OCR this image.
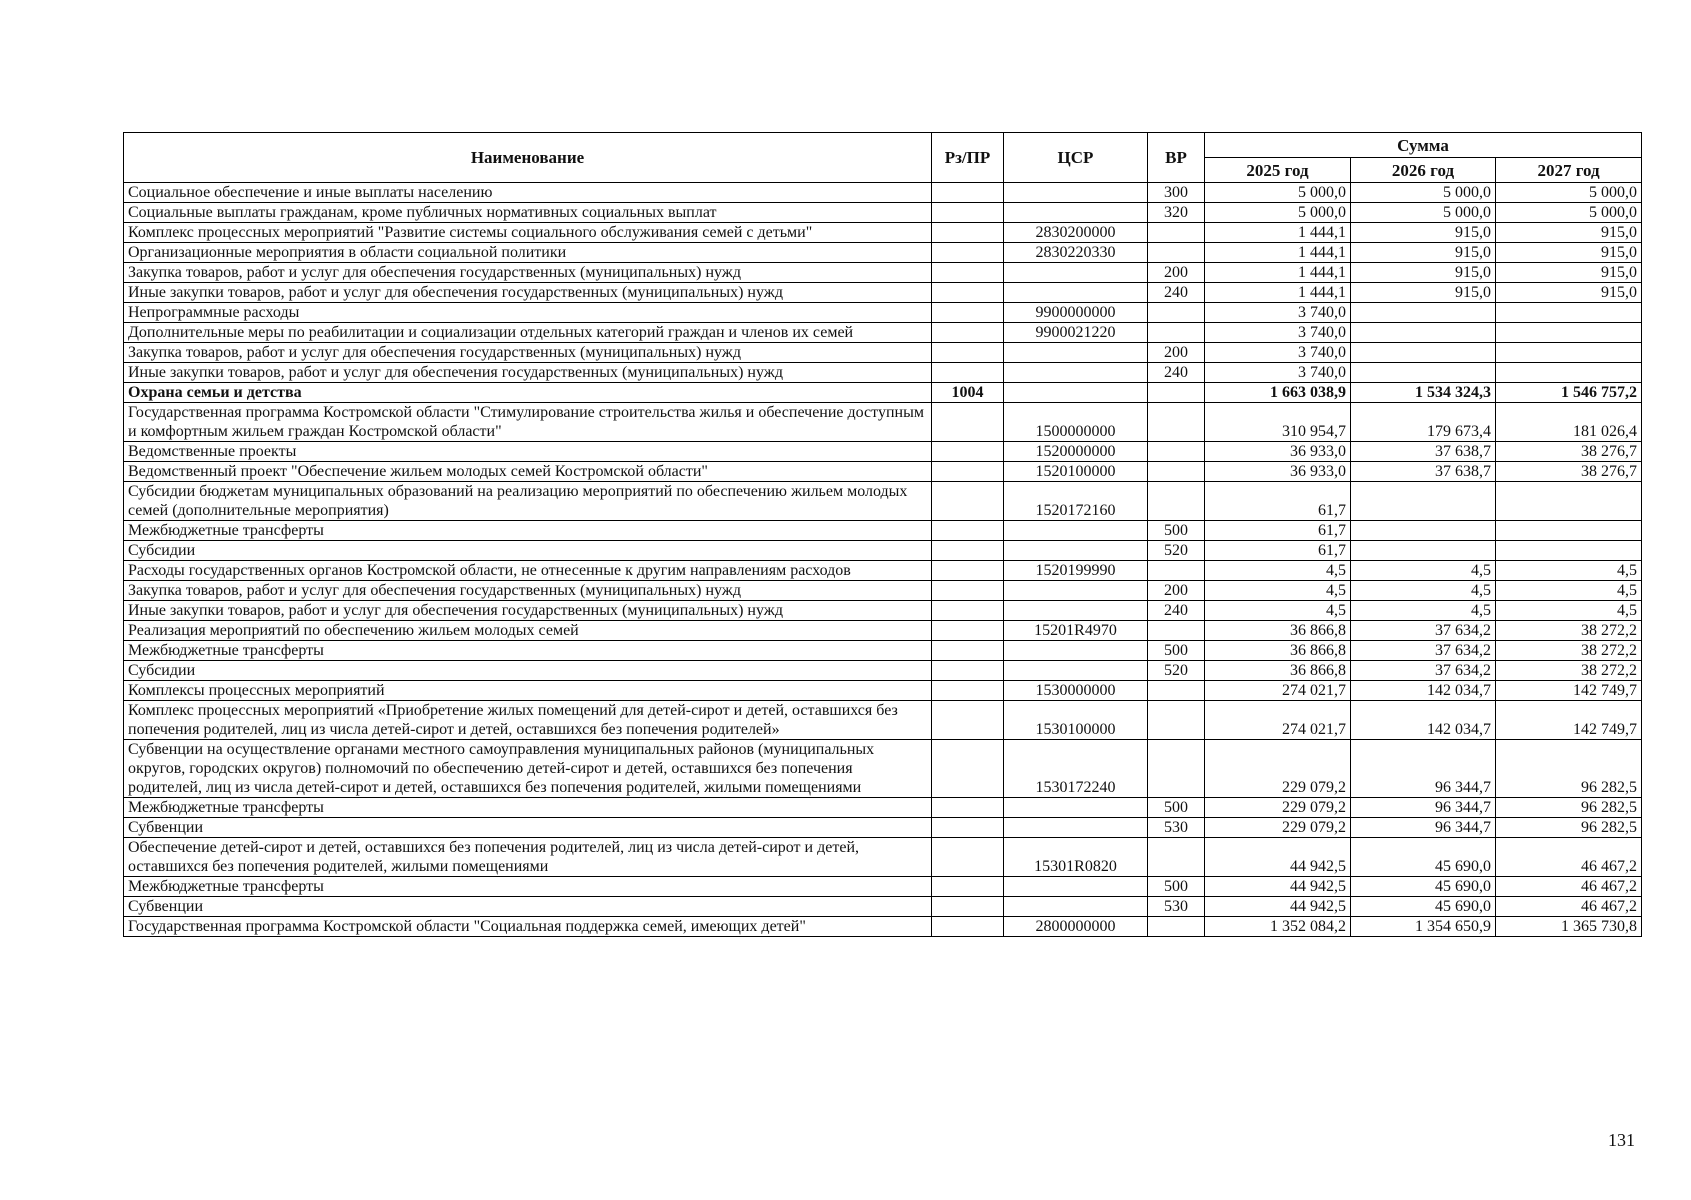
Наименование	Рз/ПР	ЦСР	ВР	Сумма		
				2025 год	2026 год	2027 год
Социальное обеспечение и иные выплаты населению			300	5 000,0	5 000,0	5 000,0
Социальные выплаты гражданам, кроме публичных нормативных социальных выплат			320	5 000,0	5 000,0	5 000,0
Комплекс процессных мероприятий "Развитие системы социального обслуживания семей с детьми"		2830200000		1 444,1	915,0	915,0
Организационные мероприятия в области социальной политики		2830220330		1 444,1	915,0	915,0
Закупка товаров, работ и услуг для обеспечения государственных (муниципальных) нужд			200	1 444,1	915,0	915,0
Иные закупки товаров, работ и услуг для обеспечения государственных (муниципальных) нужд			240	1 444,1	915,0	915,0
Непрограммные расходы		9900000000		3 740,0		
Дополнительные меры по реабилитации и социализации отдельных категорий граждан и членов их семей		9900021220		3 740,0		
Закупка товаров, работ и услуг для обеспечения государственных (муниципальных) нужд			200	3 740,0		
Иные закупки товаров, работ и услуг для обеспечения государственных (муниципальных) нужд			240	3 740,0		
Охрана семьи и детства	1004			1 663 038,9	1 534 324,3	1 546 757,2
Государственная программа Костромской области "Стимулирование строительства жилья и обеспечение доступным и комфортным жильем граждан Костромской области"		1500000000		310 954,7	179 673,4	181 026,4
Ведомственные проекты		1520000000		36 933,0	37 638,7	38 276,7
Ведомственный проект "Обеспечение жильем молодых семей Костромской области"		1520100000		36 933,0	37 638,7	38 276,7
Субсидии бюджетам муниципальных образований на реализацию мероприятий по обеспечению жильем молодых семей (дополнительные мероприятия)		1520172160		61,7		
Межбюджетные трансферты			500	61,7		
Субсидии			520	61,7		
Расходы государственных органов Костромской области, не отнесенные к другим направлениям расходов		1520199990		4,5	4,5	4,5
Закупка товаров, работ и услуг для обеспечения государственных (муниципальных) нужд			200	4,5	4,5	4,5
Иные закупки товаров, работ и услуг для обеспечения государственных (муниципальных) нужд			240	4,5	4,5	4,5
Реализация мероприятий по обеспечению жильем молодых семей		15201R4970		36 866,8	37 634,2	38 272,2
Межбюджетные трансферты			500	36 866,8	37 634,2	38 272,2
Субсидии			520	36 866,8	37 634,2	38 272,2
Комплексы процессных мероприятий		1530000000		274 021,7	142 034,7	142 749,7
Комплекс процессных мероприятий «Приобретение жилых помещений для детей-сирот и детей, оставшихся без попечения родителей, лиц из числа детей-сирот и детей, оставшихся без попечения родителей»		1530100000		274 021,7	142 034,7	142 749,7
Субвенции на осуществление органами местного самоуправления муниципальных районов (муниципальных округов, городских округов) полномочий по обеспечению детей-сирот и детей, оставшихся без попечения родителей, лиц из числа детей-сирот и детей, оставшихся без попечения родителей, жилыми помещениями		1530172240		229 079,2	96 344,7	96 282,5
Межбюджетные трансферты			500	229 079,2	96 344,7	96 282,5
Субвенции			530	229 079,2	96 344,7	96 282,5
Обеспечение детей-сирот и детей, оставшихся без попечения родителей, лиц из числа детей-сирот и детей, оставшихся без попечения родителей, жилыми помещениями		15301R0820		44 942,5	45 690,0	46 467,2
Межбюджетные трансферты			500	44 942,5	45 690,0	46 467,2
Субвенции			530	44 942,5	45 690,0	46 467,2
Государственная программа Костромской области "Социальная поддержка семей, имеющих детей"		2800000000		1 352 084,2	1 354 650,9	1 365 730,8
131
